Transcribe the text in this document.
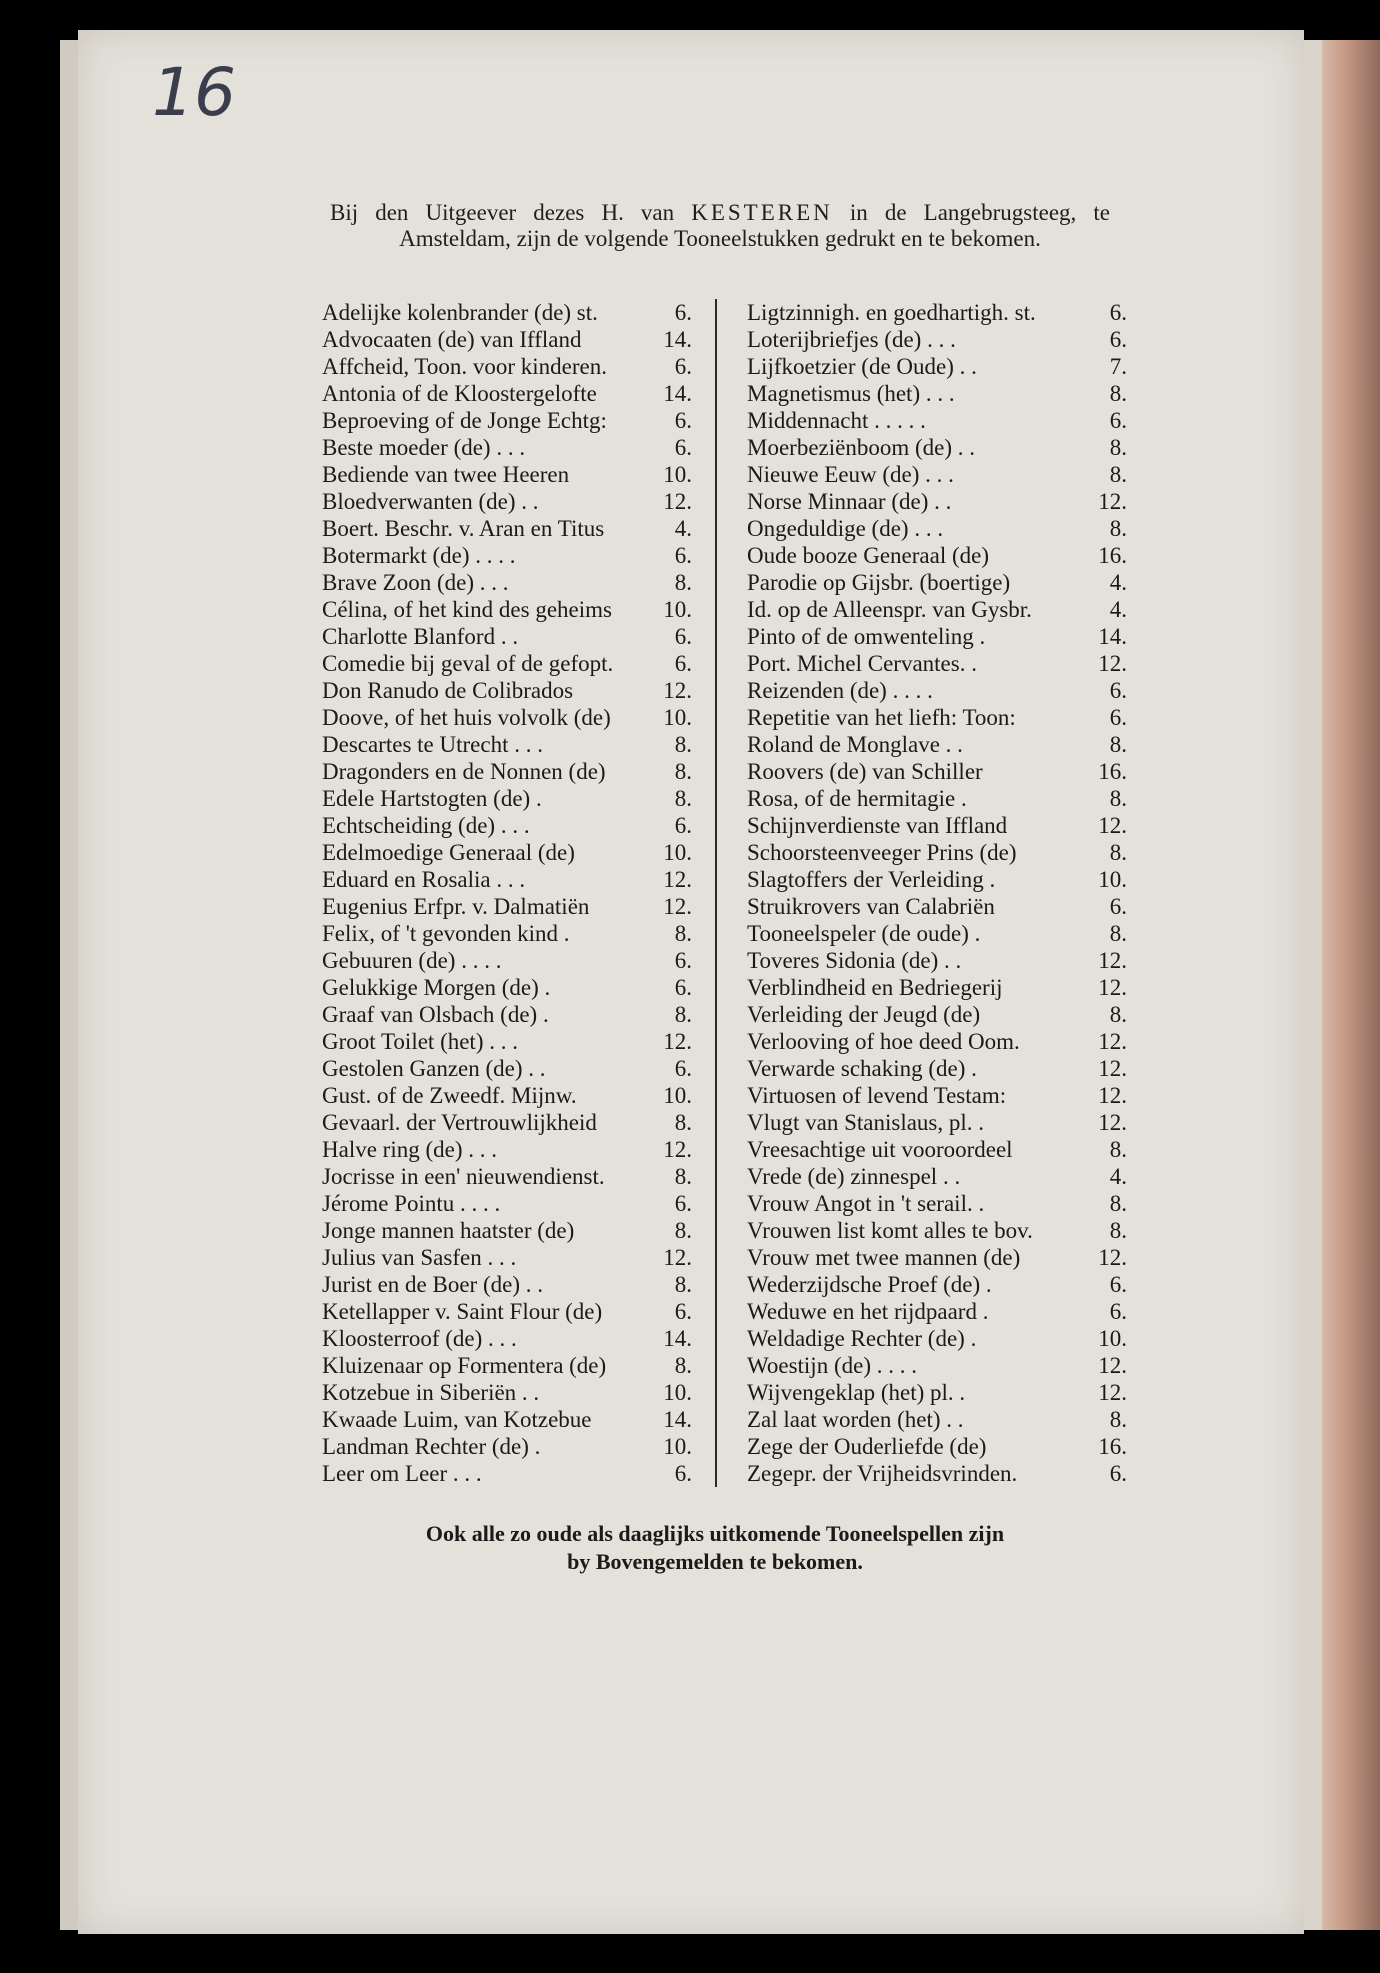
16

Bij den Uitgeever dezes H. van KESTEREN in de Langebrugsteeg, te Amsteldam, zijn de volgende Tooneelstukken gedrukt en te bekomen.

Adelijke kolenbrander (de) st.	6.
Advocaaten (de) van Iffland	14.
Affcheid, Toon. voor kinderen.	6.
Antonia of de Kloostergelofte	14.
Beproeving of de Jonge Echtg:	6.
Beste moeder (de) . . .	6.
Bediende van twee Heeren	10.
Bloedverwanten (de) . .	12.
Boert. Beschr. v. Aran en Titus	4.
Botermarkt (de) . . . .	6.
Brave Zoon (de) . . .	8.
Célina, of het kind des geheims 10.
Charlotte Blanford . .	6.
Comedie bij geval of de gefopt.	6.
Don Ranudo de Colibrados	12.
Doove, of het huis volvolk (de) 10.
Descartes te Utrecht . . .	8.
Dragonders en de Nonnen (de)	8.
Edele Hartstogten (de) .	8.
Echtscheiding (de) . . .	6.
Edelmoedige Generaal (de)	10.
Eduard en Rosalia . . .	12.
Eugenius Erfpr. v. Dalmatiën	12.
Felix, of 't gevonden kind .	8.
Gebuuren (de) . . . .	6.
Gelukkige Morgen (de) .	6.
Graaf van Olsbach (de) .	8.
Groot Toilet (het) . . .	12.
Gestolen Ganzen (de) . .	6.
Gust. of de Zweedf. Mijnw.	10.
Gevaarl. der Vertrouwlijkheid	8.
Halve ring (de) . . .	12.
Jocrisse in een' nieuwendienst.	8.
Jérome Pointu . . . .	6.
Jonge mannen haatster (de)	8.
Julius van Sasfen . . .	12.
Jurist en de Boer (de) . .	8.
Ketellapper v. Saint Flour (de)	6.
Kloosterroof (de) . . .	14.
Kluizenaar op Formentera (de)	8.
Kotzebue in Siberiën . .	10.
Kwaade Luim, van Kotzebue	14.
Landman Rechter (de) .	10.
Leer om Leer . . .	6.
Ligtzinnigh. en goedhartigh. st.	6.
Loterijbriefjes (de) . . .	6.
Lijfkoetzier (de Oude) . .	7.
Magnetismus (het) . . .	8.
Middennacht . . . . .	6.
Moerbeziënboom (de) . .	8.
Nieuwe Eeuw (de) . . .	8.
Norse Minnaar (de) . .	12.
Ongeduldige (de) . . .	8.
Oude booze Generaal (de)	16.
Parodie op Gijsbr. (boertige)	4.
Id. op de Alleenspr. van Gysbr.	4.
Pinto of de omwenteling .	14.
Port. Michel Cervantes. .	12.
Reizenden (de) . . . .	6.
Repetitie van het liefh: Toon:	6.
Roland de Monglave . .	8.
Roovers (de) van Schiller	16.
Rosa, of de hermitagie .	8.
Schijnverdienste van Iffland	12.
Schoorsteenveeger Prins (de)	8.
Slagtoffers der Verleiding .	10.
Struikrovers van Calabriën	6.
Tooneelspeler (de oude) .	8.
Toveres Sidonia (de) . .	12.
Verblindheid en Bedriegerij	12.
Verleiding der Jeugd (de)	8.
Verlooving of hoe deed Oom.	12.
Verwarde schaking (de) .	12.
Virtuosen of levend Testam:	12.
Vlugt van Stanislaus, pl. .	12.
Vreesachtige uit vooroordeel	8.
Vrede (de) zinnespel . .	4.
Vrouw Angot in 't serail. .	8.
Vrouwen list komt alles te bov.	8.
Vrouw met twee mannen (de)	12.
Wederzijdsche Proef (de) .	6.
Weduwe en het rijdpaard .	6.
Weldadige Rechter (de) .	10.
Woestijn (de) . . . .	12.
Wijvengeklap (het) pl. .	12.
Zal laat worden (het) . .	8.
Zege der Ouderliefde (de)	16.
Zegepr. der Vrijheidsvrinden.	6.

Ook alle zo oude als daaglijks uitkomende Tooneelspellen zijn
by Bovengemelden te bekomen.
